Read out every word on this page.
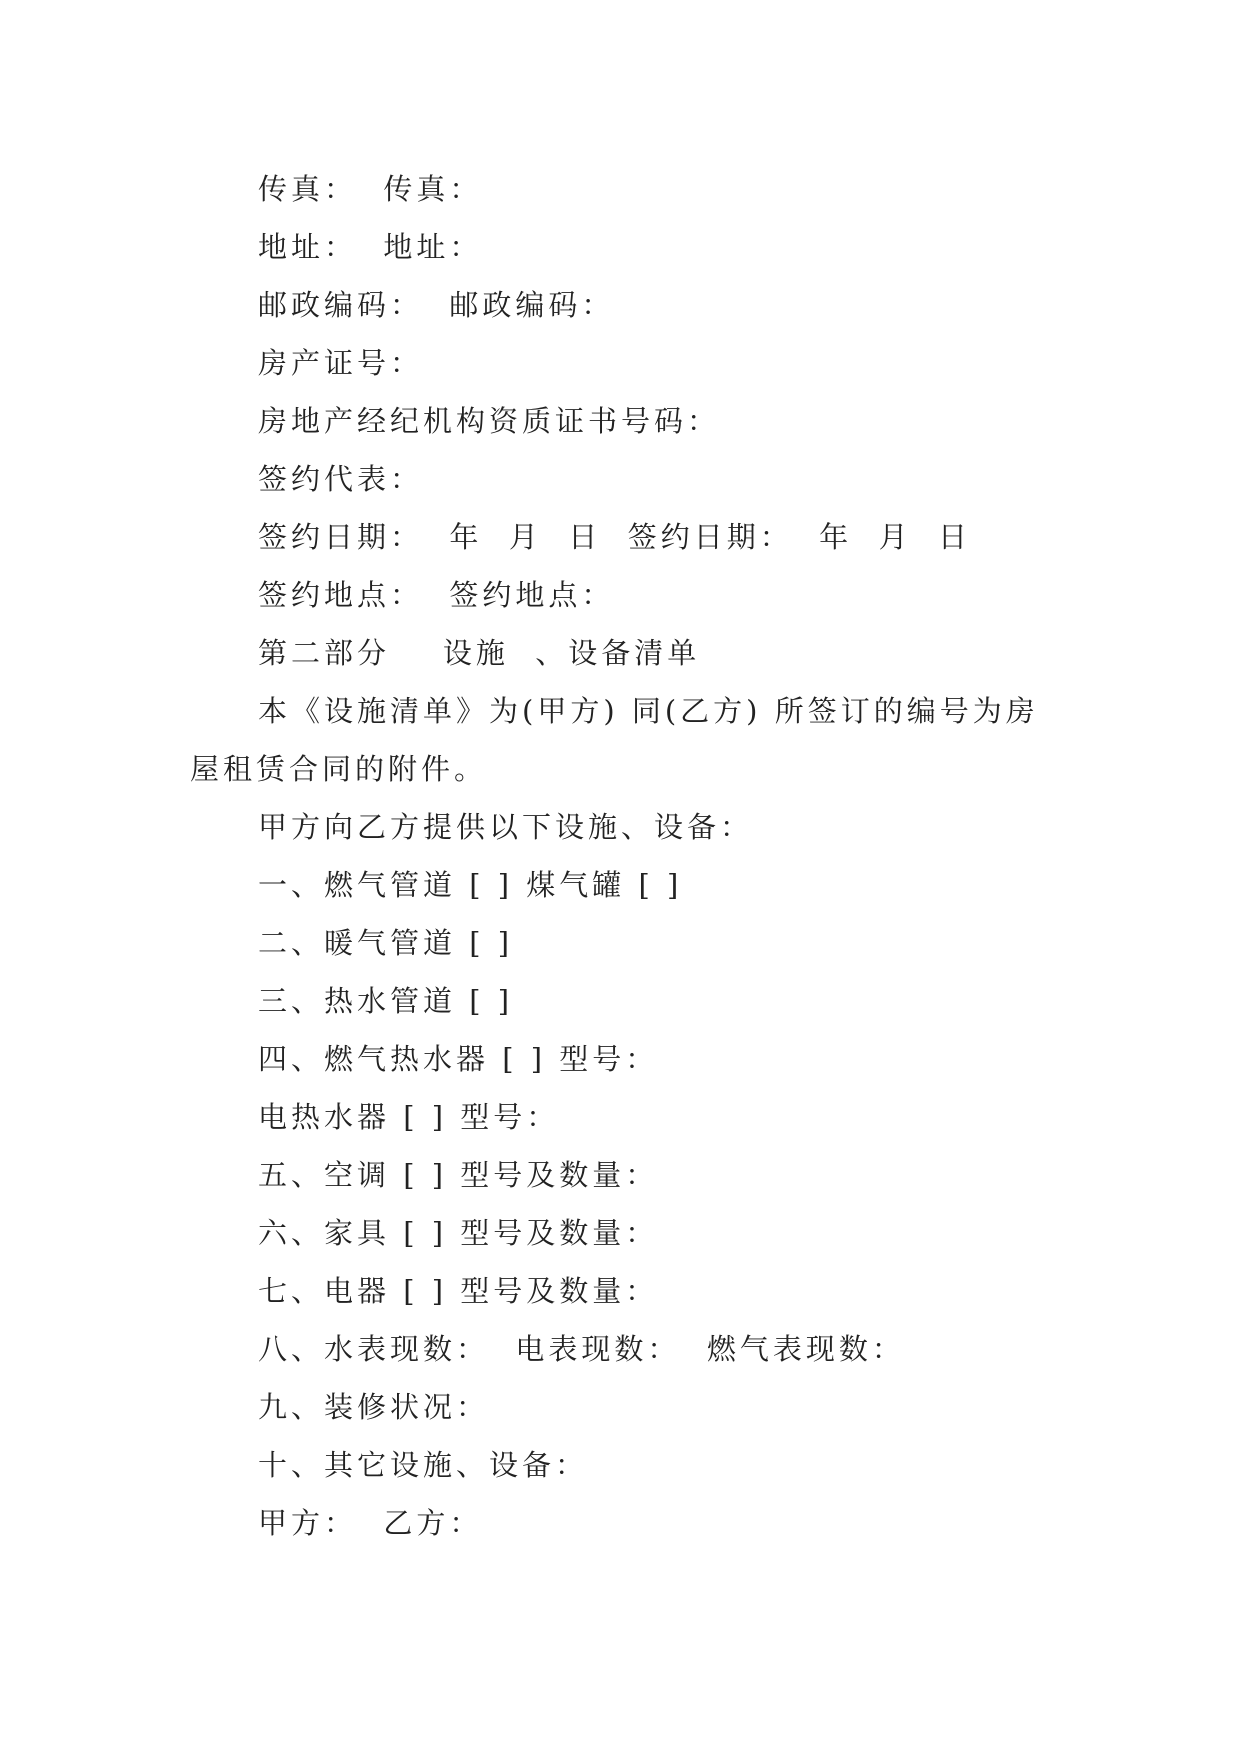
传真：  传真：
地址：  地址：
邮政编码：  邮政编码：
房产证号：
房地产经纪机构资质证书号码：
签约代表：
签约日期：  年  月  日  签约日期：  年  月  日
签约地点：  签约地点：
第二部分    设施  、设备清单
本《设施清单》为(甲方) 同(乙方) 所签订的编号为房
屋租赁合同的附件。
甲方向乙方提供以下设施、设备：
一、燃气管道 [ ] 煤气罐 [ ]
二、暖气管道 [ ]
三、热水管道 [ ]
四、燃气热水器 [ ] 型号：
电热水器 [ ] 型号：
五、空调 [ ] 型号及数量：
六、家具 [ ] 型号及数量：
七、电器 [ ] 型号及数量：
八、水表现数：  电表现数：  燃气表现数：
九、装修状况：
十、其它设施、设备：
甲方：  乙方：
